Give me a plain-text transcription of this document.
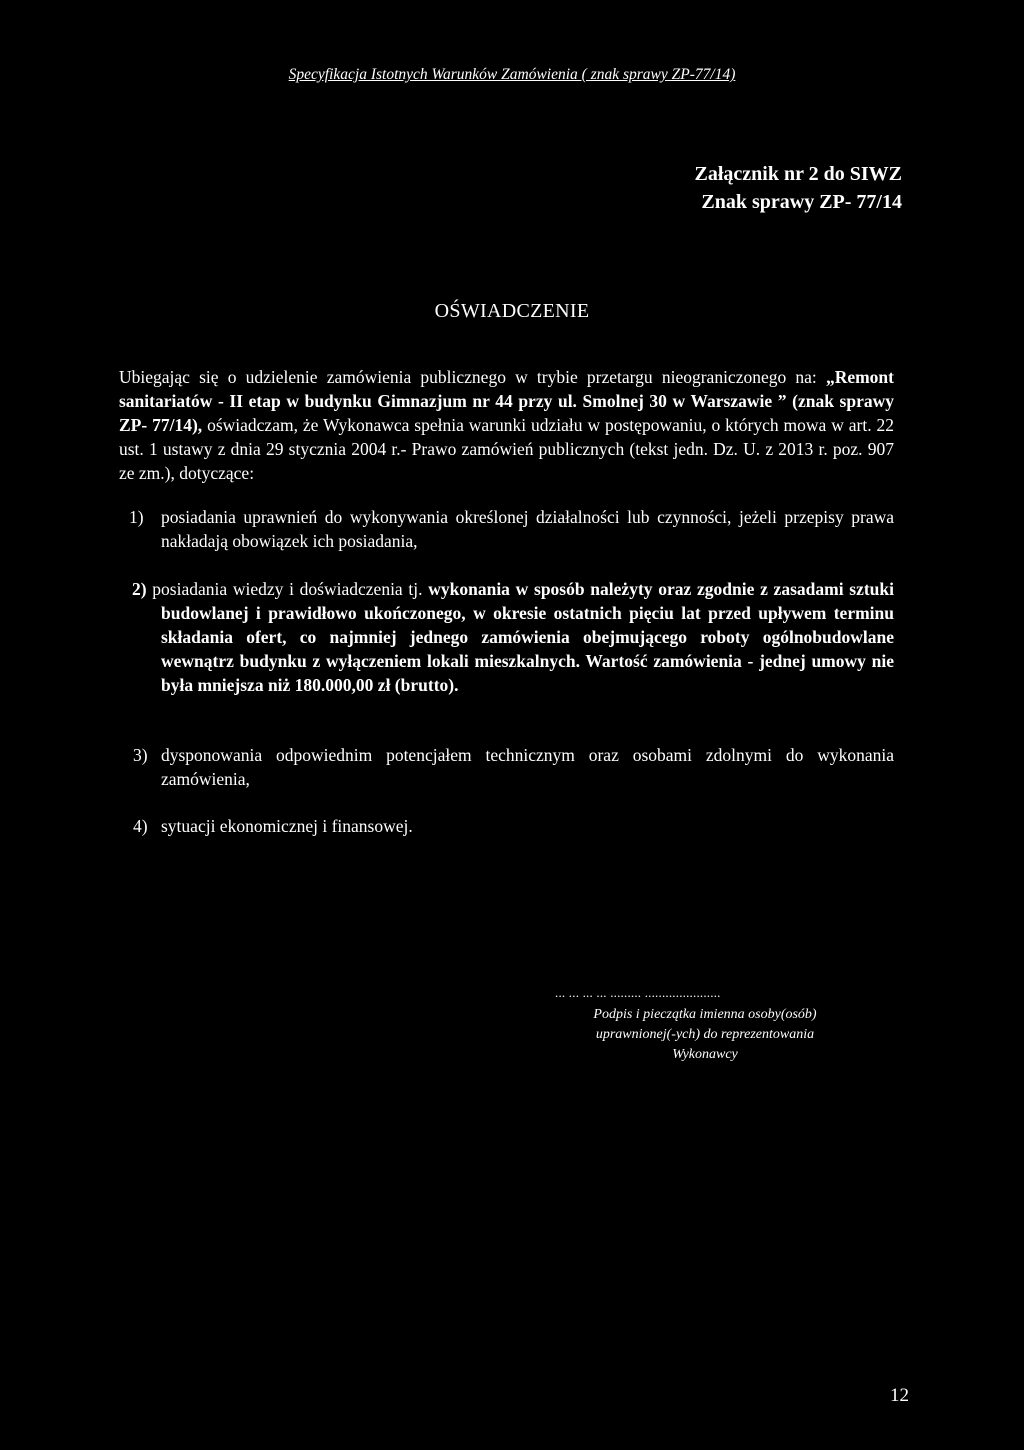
Specyfikacja Istotnych Warunków Zamówienia ( znak sprawy ZP-77/14)
Załącznik nr 2 do SIWZ
Znak sprawy ZP- 77/14
OŚWIADCZENIE
Ubiegając się o udzielenie zamówienia publicznego w trybie przetargu nieograniczonego na: „Remont sanitariatów - II etap w budynku Gimnazjum nr 44 przy ul. Smolnej 30 w Warszawie ” (znak sprawy ZP- 77/14), oświadczam, że Wykonawca spełnia warunki udziału w postępowaniu, o których mowa w art. 22 ust. 1 ustawy z dnia 29 stycznia 2004 r.- Prawo zamówień publicznych (tekst jedn. Dz. U. z 2013 r. poz. 907 ze zm.), dotyczące:
1) posiadania uprawnień do wykonywania określonej działalności lub czynności, jeżeli przepisy prawa nakładają obowiązek ich posiadania,
2) posiadania wiedzy i doświadczenia tj. wykonania w sposób należyty oraz zgodnie z zasadami sztuki budowlanej i prawidłowo ukończonego, w okresie ostatnich pięciu lat przed upływem terminu składania ofert, co najmniej jednego zamówienia obejmującego roboty ogólnobudowlane wewnątrz budynku z wyłączeniem lokali mieszkalnych. Wartość zamówienia - jednej umowy nie była mniejsza niż 180.000,00 zł (brutto).
3) dysponowania odpowiednim potencjałem technicznym oraz osobami zdolnymi do wykonania zamówienia,
4) sytuacji ekonomicznej i finansowej.
... ... ... ... ......... ......................
Podpis i pieczątka imienna osoby(osób)
uprawnionej(-ych) do reprezentowania
Wykonawcy
12
